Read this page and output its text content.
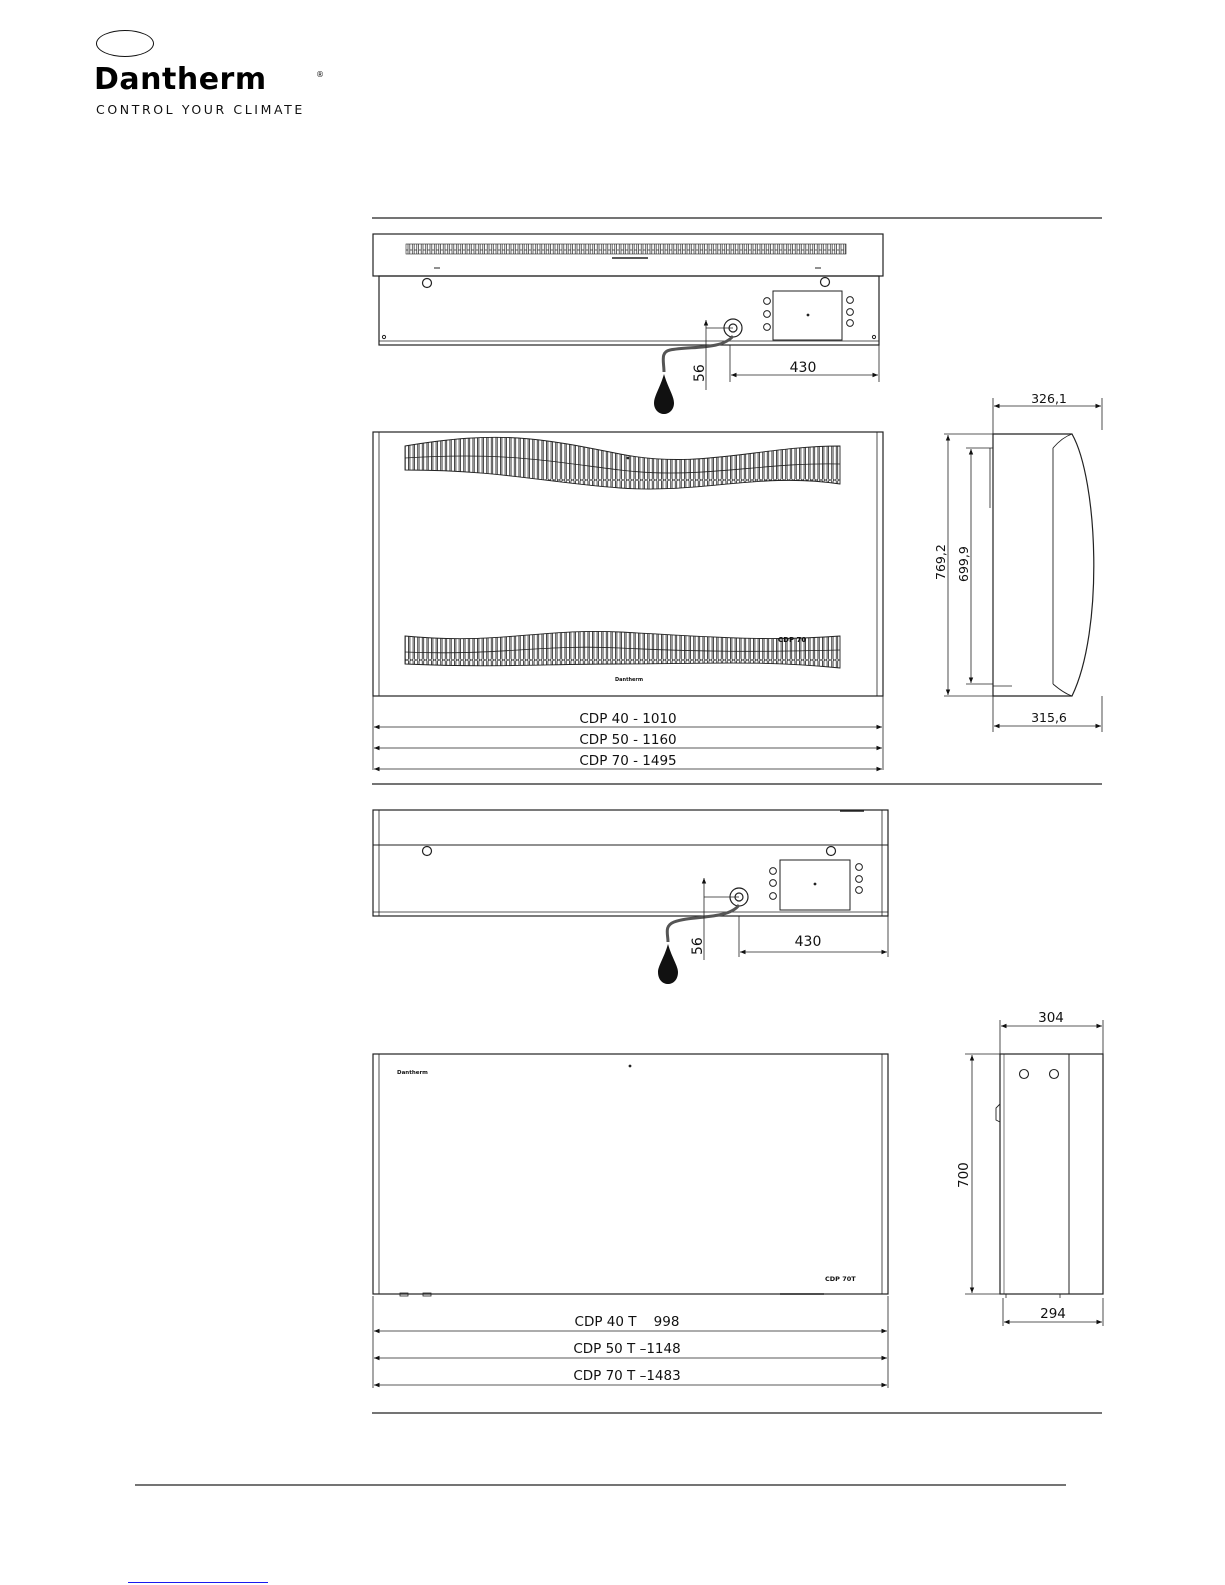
Dantherm	®
CONTROL YOUR CLIMATE
56	430
CDP 70
Dantherm
CDP 40 - 1010
CDP 50 - 1160
CDP 70 - 1495
326,1
315,6
769,2 699,9
56	430
Dantherm
CDP 70T
CDP 40 T    998
CDP 50 T –1148
CDP 70 T –1483
304
294
700
